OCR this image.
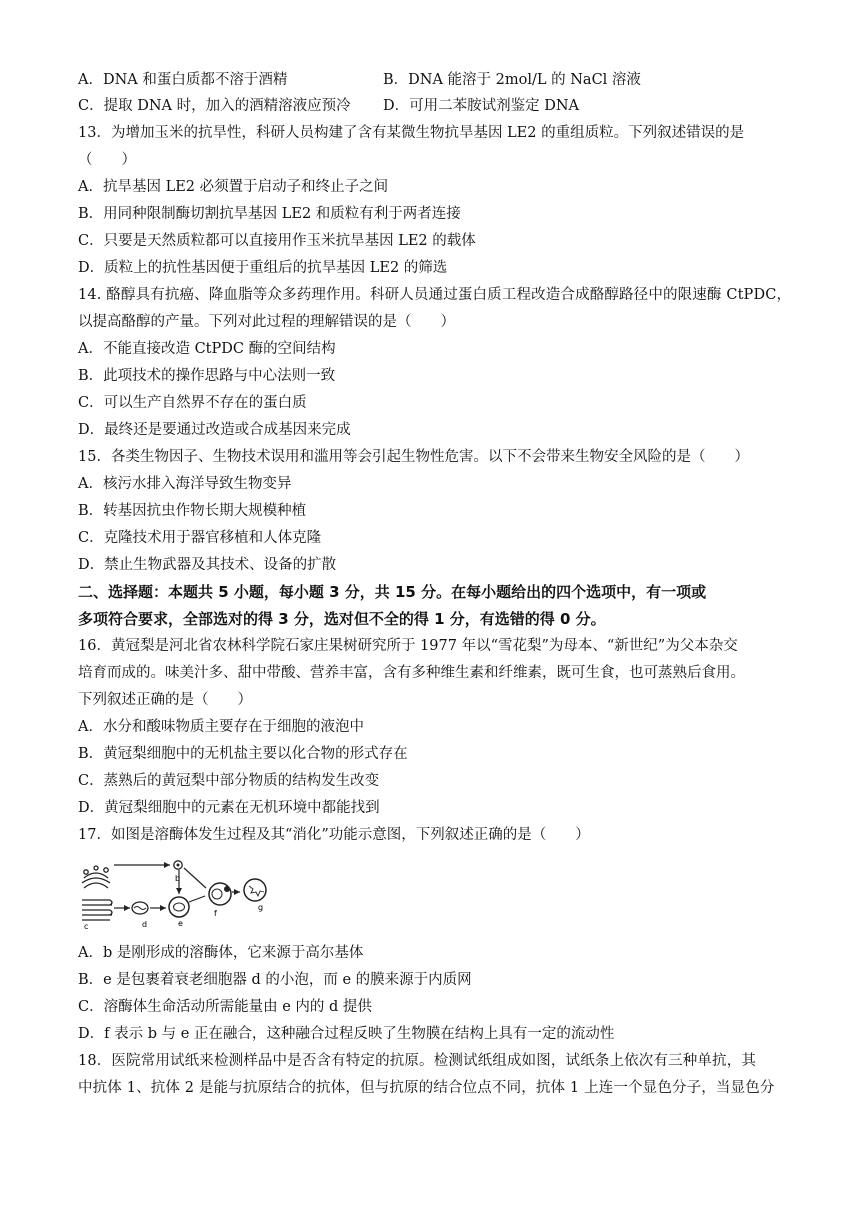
A．DNA 和蛋白质都不溶于酒精	B．DNA 能溶于 2mol/L 的 NaCl 溶液
C．提取 DNA 时，加入的酒精溶液应预冷	D．可用二苯胺试剂鉴定 DNA
13．为增加玉米的抗旱性，科研人员构建了含有某微生物抗旱基因 LE2 的重组质粒。下列叙述错误的是
（　　）
A．抗旱基因 LE2 必须置于启动子和终止子之间
B．用同种限制酶切割抗旱基因 LE2 和质粒有利于两者连接
C．只要是天然质粒都可以直接用作玉米抗旱基因 LE2 的载体
D．质粒上的抗性基因便于重组后的抗旱基因 LE2 的筛选
14. 酪醇具有抗癌、降血脂等众多药理作用。科研人员通过蛋白质工程改造合成酪醇路径中的限速酶 CtPDC，
以提高酪醇的产量。下列对此过程的理解错误的是（　　）
A．不能直接改造 CtPDC 酶的空间结构
B．此项技术的操作思路与中心法则一致
C．可以生产自然界不存在的蛋白质
D．最终还是要通过改造或合成基因来完成
15．各类生物因子、生物技术误用和滥用等会引起生物性危害。以下不会带来生物安全风险的是（　　）
A．核污水排入海洋导致生物变异
B．转基因抗虫作物长期大规模种植
C．克隆技术用于器官移植和人体克隆
D．禁止生物武器及其技术、设备的扩散
二、选择题：本题共 5 小题，每小题 3 分，共 15 分。在每小题给出的四个选项中，有一项或
多项符合要求，全部选对的得 3 分，选对但不全的得 1 分，有选错的得 0 分。
16．黄冠梨是河北省农林科学院石家庄果树研究所于 1977 年以“雪花梨”为母本、“新世纪”为父本杂交
培育而成的。味美汁多、甜中带酸、营养丰富，含有多种维生素和纤维素，既可生食，也可蒸熟后食用。
下列叙述正确的是（　　）
A．水分和酸味物质主要存在于细胞的液泡中
B．黄冠梨细胞中的无机盐主要以化合物的形式存在
C．蒸熟后的黄冠梨中部分物质的结构发生改变
D．黄冠梨细胞中的元素在无机环境中都能找到
17．如图是溶酶体发生过程及其“消化”功能示意图，下列叙述正确的是（　　）
b
d
c	e
f
g
A．b 是刚形成的溶酶体，它来源于高尔基体
B．e 是包裹着衰老细胞器 d 的小泡，而 e 的膜来源于内质网
C．溶酶体生命活动所需能量由 e 内的 d 提供
D．f 表示 b 与 e 正在融合，这种融合过程反映了生物膜在结构上具有一定的流动性
18．医院常用试纸来检测样品中是否含有特定的抗原。检测试纸组成如图，试纸条上依次有三种单抗，其
中抗体 1、抗体 2 是能与抗原结合的抗体，但与抗原的结合位点不同，抗体 1 上连一个显色分子，当显色分
